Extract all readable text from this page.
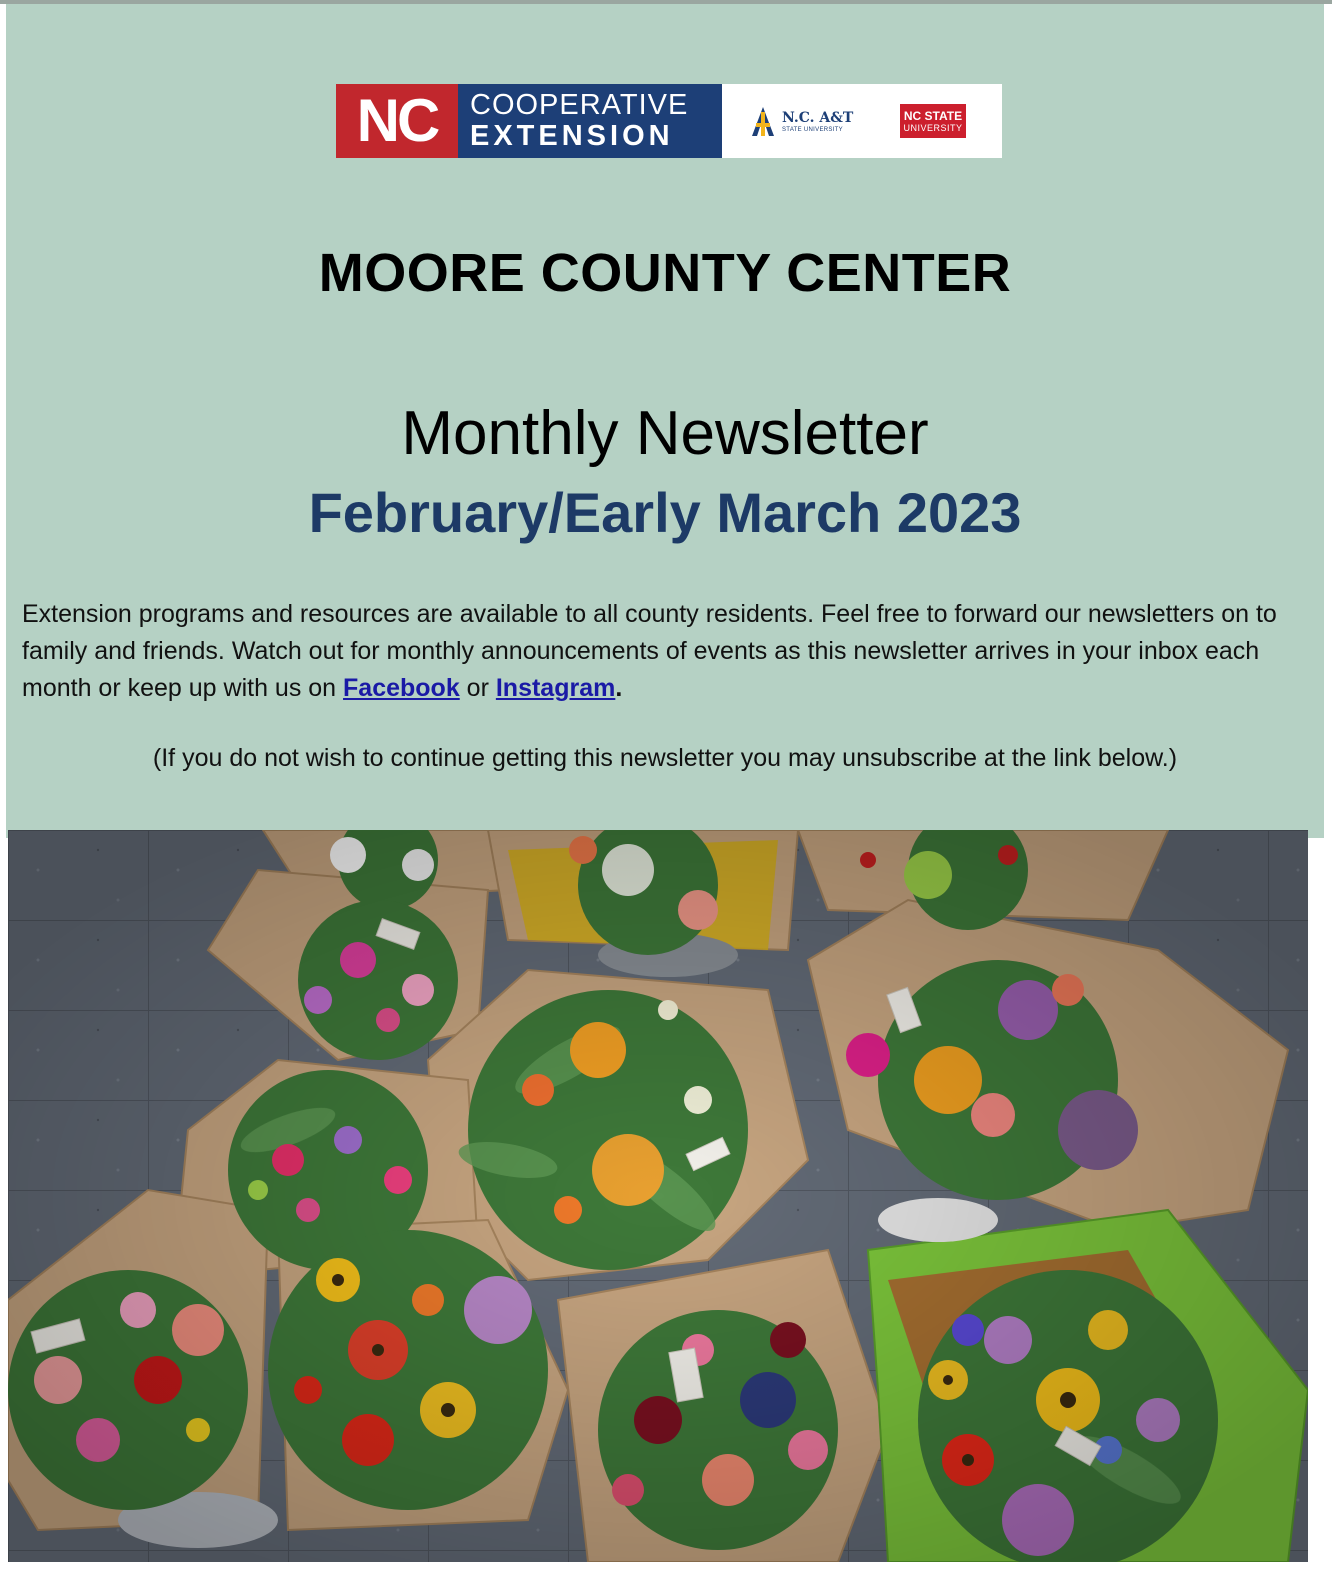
NC	COOPERATIVE
EXTENSION
N.C. A&T
STATE UNIVERSITY
NC STATE
UNIVERSITY
MOORE COUNTY CENTER
Monthly Newsletter
February/Early March 2023
Extension programs and resources are available to all county residents. Feel free to forward our newsletters on to family and friends. Watch out for monthly announcements of events as this newsletter arrives in your inbox each month or keep up with us on Facebook or Instagram.
(If you do not wish to continue getting this newsletter you may unsubscribe at the link below.)
